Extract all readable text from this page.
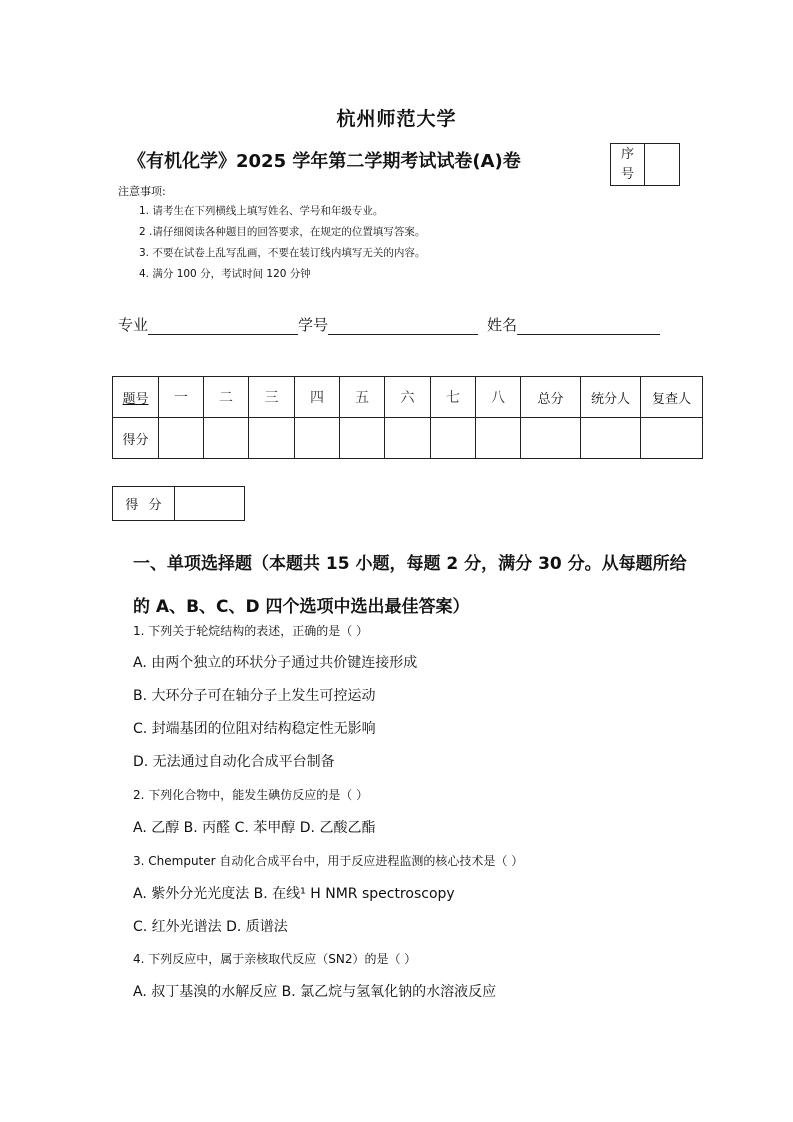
杭州师范大学
《有机化学》2025 学年第二学期考试试卷(A)卷	序号
注意事项:
1. 请考生在下列横线上填写姓名、学号和年级专业。
2 .请仔细阅读各种题目的回答要求，在规定的位置填写答案。
3. 不要在试卷上乱写乱画，不要在装订线内填写无关的内容。
4. 满分 100 分，考试时间 120 分钟
专业	学号	姓名
题号	一	二	三	四	五	六	七	八	总分	统分人	复查人
得分											
得 分
一、单项选择题（本题共 15 小题，每题 2 分，满分 30 分。从每题所给的 A、B、C、D 四个选项中选出最佳答案）
1. 下列关于轮烷结构的表述，正确的是（ ）
A. 由两个独立的环状分子通过共价键连接形成
B. 大环分子可在轴分子上发生可控运动
C. 封端基团的位阻对结构稳定性无影响
D. 无法通过自动化合成平台制备
2. 下列化合物中，能发生碘仿反应的是（ ）
A. 乙醇 B. 丙醛 C. 苯甲醇 D. 乙酸乙酯
3. Chemputer 自动化合成平台中，用于反应进程监测的核心技术是（ ）
A. 紫外分光光度法 B. 在线¹ H NMR spectroscopy
C. 红外光谱法 D. 质谱法
4. 下列反应中，属于亲核取代反应（SN2）的是（ ）
A. 叔丁基溴的水解反应 B. 氯乙烷与氢氧化钠的水溶液反应
